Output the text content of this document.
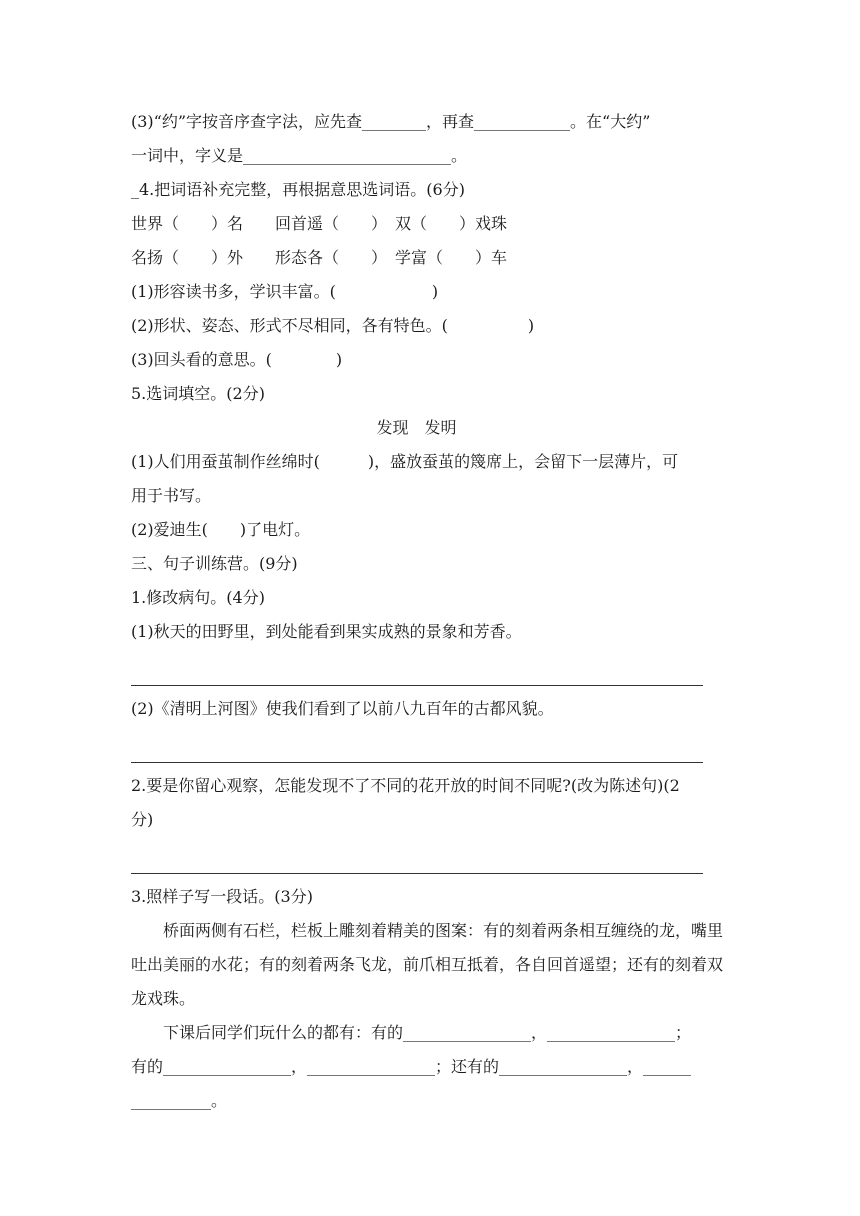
(3)“约”字按音序查字法，应先查________，再查____________。在“大约”
一词中，字义是__________________________。
_4.把词语补充完整，再根据意思选词语。(6分)
世界（　　）名　　回首遥（　　）　双（　　）戏珠
名扬（　　）外　　形态各（　　）　学富（　　）车
(1)形容读书多，学识丰富。(　　　　　　)
(2)形状、姿态、形式不尽相同，各有特色。(　　　　　)
(3)回头看的意思。(　　　　)
5.选词填空。(2分)
发现　发明
(1)人们用蚕茧制作丝绵时(　　　)，盛放蚕茧的篾席上，会留下一层薄片，可
用于书写。
(2)爱迪生(　　)了电灯。
三、句子训练营。(9分)
1.修改病句。(4分)
(1)秋天的田野里，到处能看到果实成熟的景象和芳香。
(2)《清明上河图》使我们看到了以前八九百年的古都风貌。
2.要是你留心观察，怎能发现不了不同的花开放的时间不同呢?(改为陈述句)(2
分)
3.照样子写一段话。(3分)
桥面两侧有石栏，栏板上雕刻着精美的图案：有的刻着两条相互缠绕的龙，嘴里吐出美丽的水花；有的刻着两条飞龙，前爪相互抵着，各自回首遥望；还有的刻着双龙戏珠。
下课后同学们玩什么的都有：有的________________，________________；
有的________________，________________；还有的________________，______
__________。
